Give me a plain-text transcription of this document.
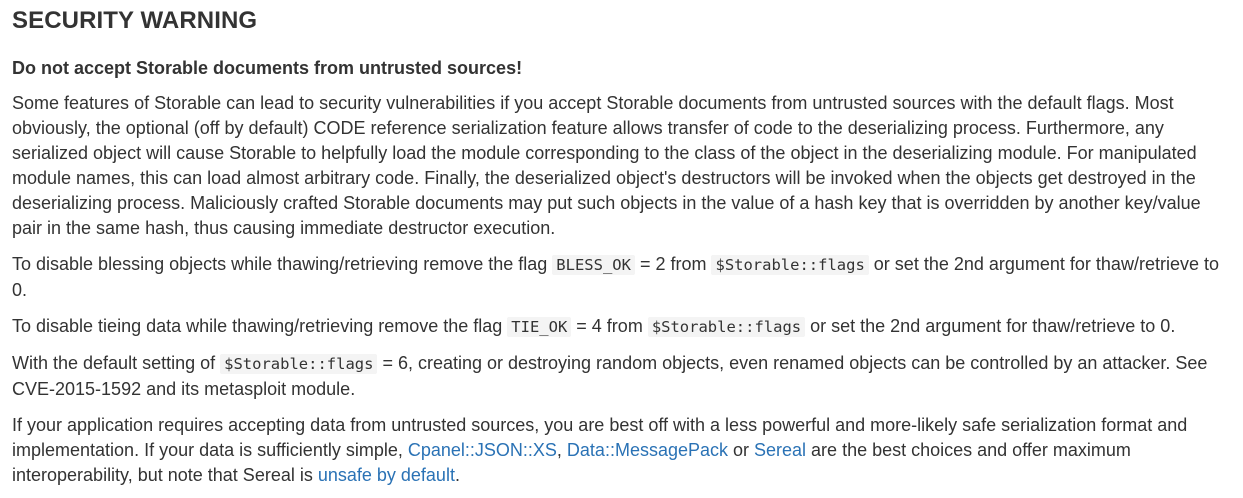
SECURITY WARNING

Do not accept Storable documents from untrusted sources!

Some features of Storable can lead to security vulnerabilities if you accept Storable documents from untrusted sources with the default flags. Most obviously, the optional (off by default) CODE reference serialization feature allows transfer of code to the deserializing process. Furthermore, any serialized object will cause Storable to helpfully load the module corresponding to the class of the object in the deserializing module. For manipulated module names, this can load almost arbitrary code. Finally, the deserialized object's destructors will be invoked when the objects get destroyed in the deserializing process. Maliciously crafted Storable documents may put such objects in the value of a hash key that is overridden by another key/value pair in the same hash, thus causing immediate destructor execution.

To disable blessing objects while thawing/retrieving remove the flag BLESS_OK = 2 from $Storable::flags or set the 2nd argument for thaw/retrieve to 0.

To disable tieing data while thawing/retrieving remove the flag TIE_OK = 4 from $Storable::flags or set the 2nd argument for thaw/retrieve to 0.

With the default setting of $Storable::flags = 6, creating or destroying random objects, even renamed objects can be controlled by an attacker. See CVE-2015-1592 and its metasploit module.

If your application requires accepting data from untrusted sources, you are best off with a less powerful and more-likely safe serialization format and implementation. If your data is sufficiently simple, Cpanel::JSON::XS, Data::MessagePack or Sereal are the best choices and offer maximum interoperability, but note that Sereal is unsafe by default.
